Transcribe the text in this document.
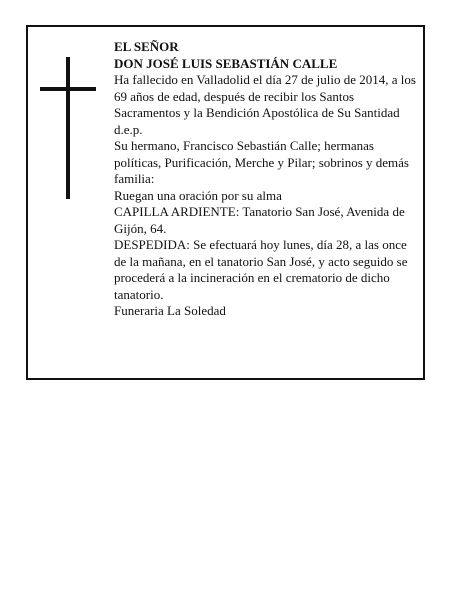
EL SEÑOR

DON JOSÉ LUIS SEBASTIÁN CALLE

Ha fallecido en Valladolid el día 27 de julio de 2014, a los 69 años de edad, después de recibir los Santos Sacramentos y la Bendición Apostólica de Su Santidad d.e.p.

Su hermano, Francisco Sebastián Calle; hermanas políticas, Purificación, Merche y Pilar; sobrinos y demás familia:

Ruegan una oración por su alma

CAPILLA ARDIENTE: Tanatorio San José, Avenida de Gijón, 64.

DESPEDIDA: Se efectuará hoy lunes, día 28, a las once de la mañana, en el tanatorio San José, y acto seguido se procederá a la incineración en el crematorio de dicho tanatorio.

Funeraria La Soledad
